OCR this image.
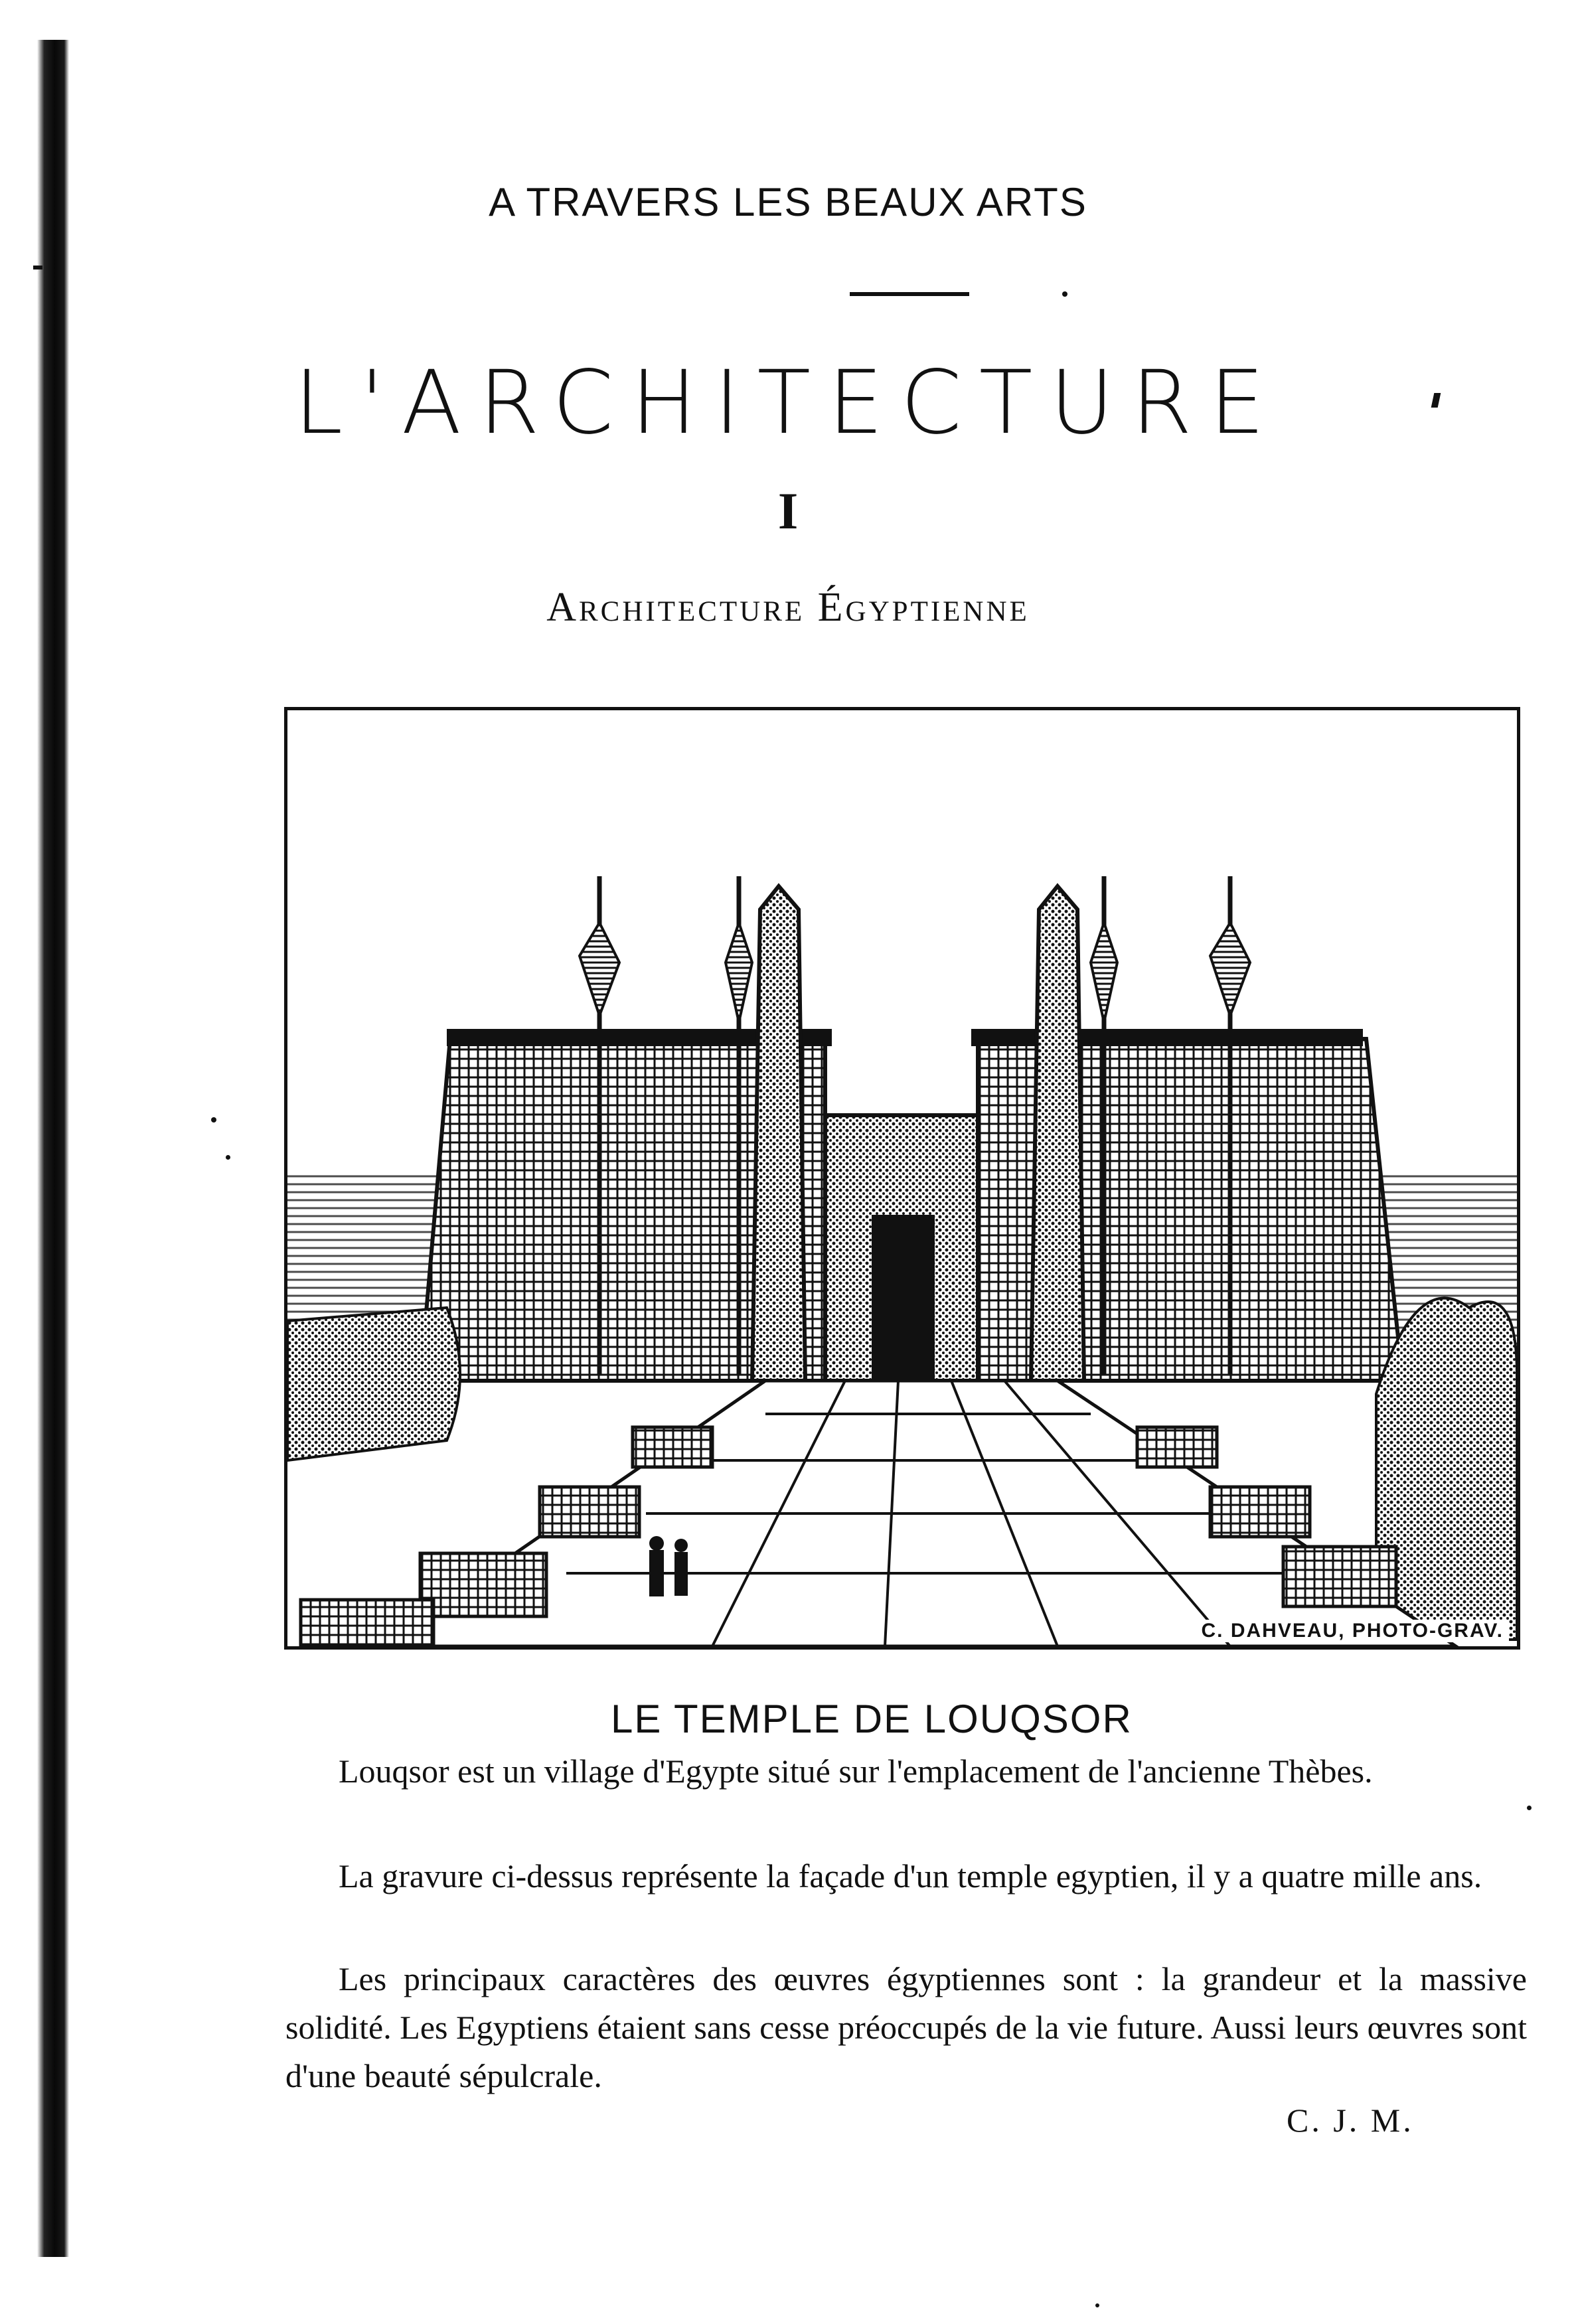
A TRAVERS LES BEAUX ARTS
L'ARCHITECTURE
I
Architecture Égyptienne
C. DAHVEAU, PHOTO-GRAV.
LE TEMPLE DE LOUQSOR

Louqsor est un village d'Egypte situé sur l'emplacement de l'ancienne Thèbes.

La gravure ci-dessus représente la façade d'un temple egyptien, il y a quatre mille ans.

Les principaux caractères des œuvres égyptiennes sont : la grandeur et la massive solidité. Les Egyptiens étaient sans cesse préoccupés de la vie future. Aussi leurs œuvres sont d'une beauté sépulcrale.

C. J. M.
